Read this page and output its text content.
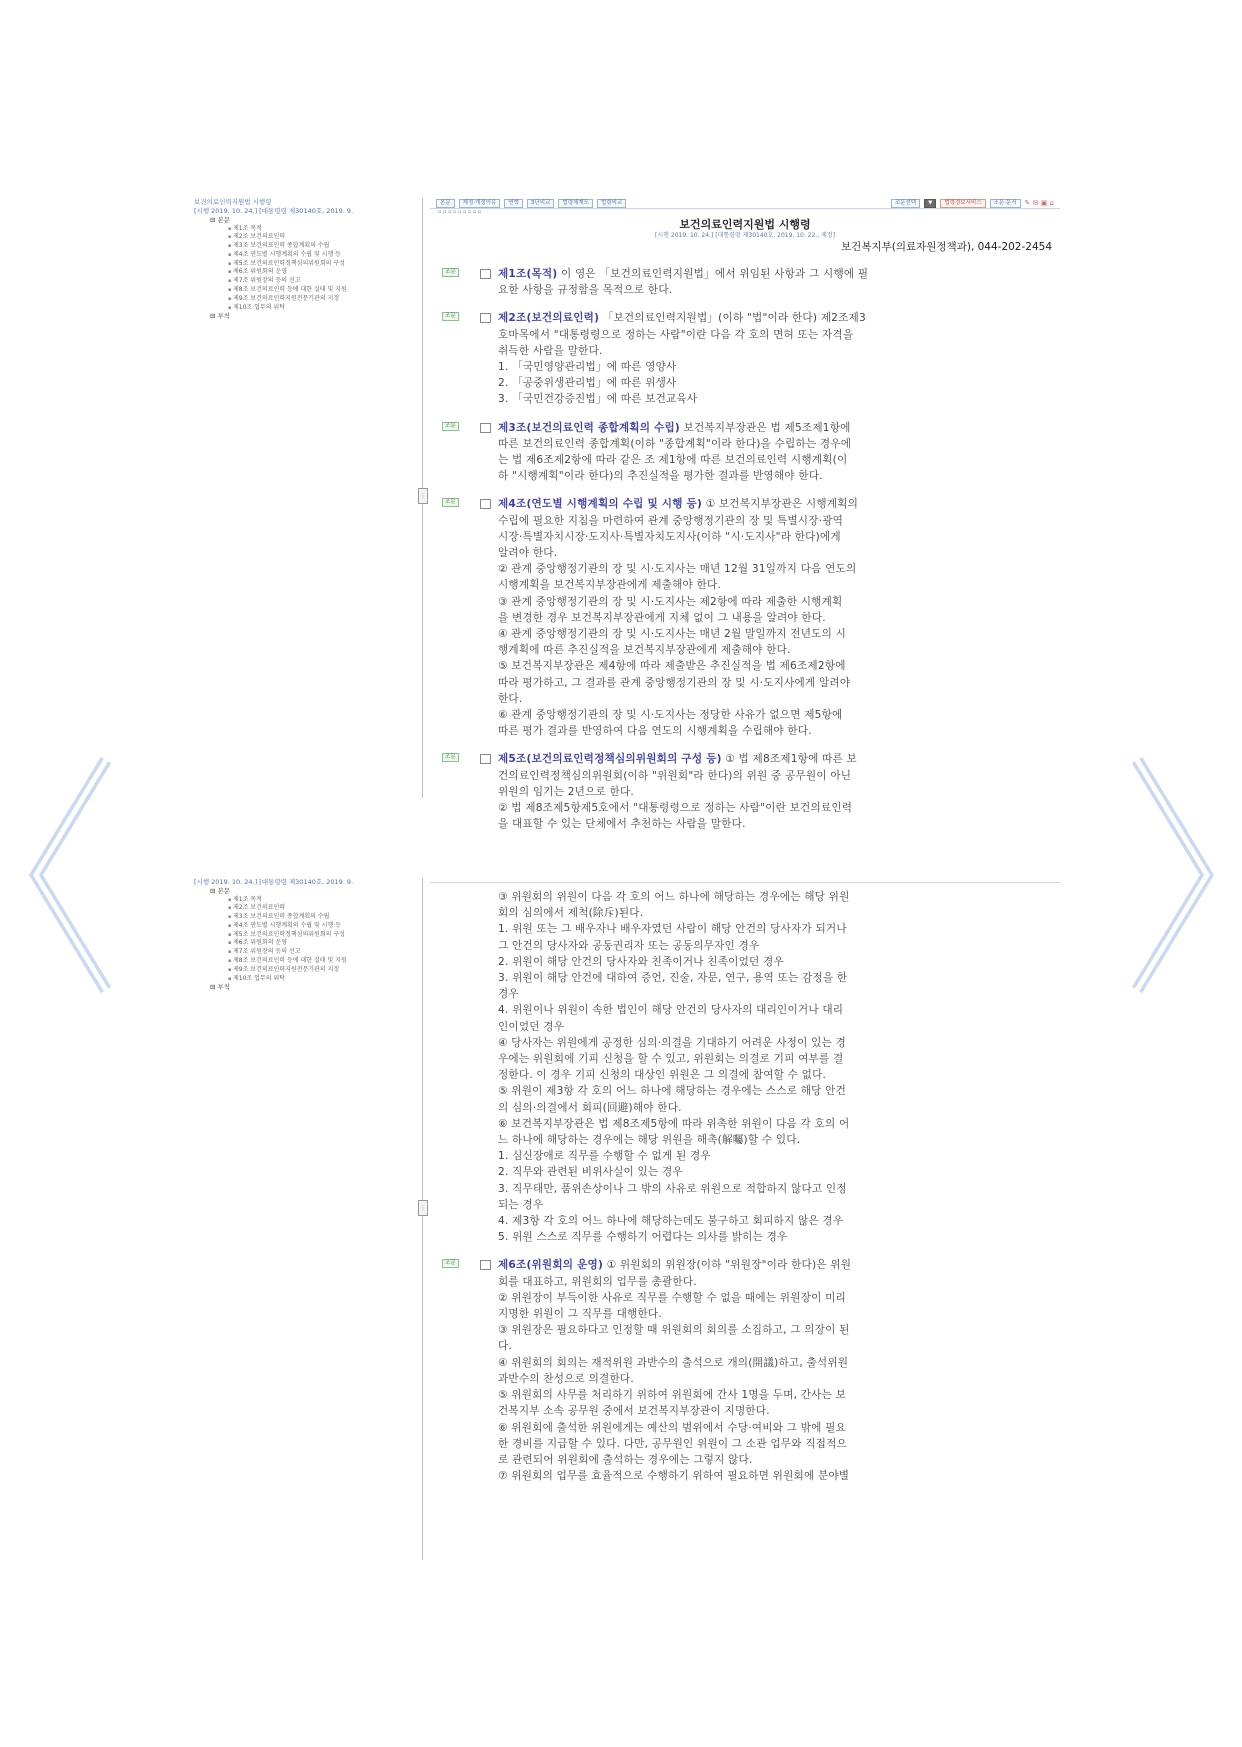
보건의료인력지원법 시행령
[시행 2019. 10. 24.] [대통령령 제30140호, 2019. 9.
⊟ 본문
▪ 제1조 목적
▪ 제2조 보건의료인력
▪ 제3조 보건의료인력 종합계획의 수립
▪ 제4조 연도별 시행계획의 수립 및 시행 등
▪ 제5조 보건의료인력정책심의위원회의 구성
▪ 제6조 위원회의 운영
▪ 제7조 위원장의 등의 선고
▪ 제8조 보건의료인력 등에 대한 실태 및 지원
▪ 제9조 보건의료인력지원전문기관의 지정
▪ 제10조 업무의 위탁
⊟ 부칙
⋮
본문	제정·개정이유	연혁	3단비교	법령체계도	법령비교	조문선택	▼	법령정보서비스	조문·문서	✎ ✉ ▣ ⌂
▫ ▫ ▫ ▫ ▫ ▫ ▫ ▫ ▫
보건의료인력지원법 시행령
[시행 2019. 10. 24.] [대통령령 제30140호, 2019. 10. 22., 제정]
보건복지부(의료자원정책과), 044-202-2454
조문	제1조(목적) 이 영은 「보건의료인력지원법」에서 위임된 사항과 그 시행에 필
요한 사항을 규정함을 목적으로 한다.
조문	제2조(보건의료인력) 「보건의료인력지원법」(이하 "법"이라 한다) 제2조제3
호마목에서 "대통령령으로 정하는 사람"이란 다음 각 호의 면허 또는 자격을
취득한 사람을 말한다.
1. 「국민영양관리법」에 따른 영양사
2. 「공중위생관리법」에 따른 위생사
3. 「국민건강증진법」에 따른 보건교육사
조문	제3조(보건의료인력 종합계획의 수립) 보건복지부장관은 법 제5조제1항에
따른 보건의료인력 종합계획(이하 "종합계획"이라 한다)을 수립하는 경우에
는 법 제6조제2항에 따라 같은 조 제1항에 따른 보건의료인력 시행계획(이
하 "시행계획"이라 한다)의 추진실적을 평가한 결과를 반영해야 한다.
조문	제4조(연도별 시행계획의 수립 및 시행 등) ① 보건복지부장관은 시행계획의
수립에 필요한 지침을 마련하여 관계 중앙행정기관의 장 및 특별시장·광역
시장·특별자치시장·도지사·특별자치도지사(이하 "시·도지사"라 한다)에게
알려야 한다.
② 관계 중앙행정기관의 장 및 시·도지사는 매년 12월 31일까지 다음 연도의
시행계획을 보건복지부장관에게 제출해야 한다.
③ 관계 중앙행정기관의 장 및 시·도지사는 제2항에 따라 제출한 시행계획
을 변경한 경우 보건복지부장관에게 지체 없이 그 내용을 알려야 한다.
④ 관계 중앙행정기관의 장 및 시·도지사는 매년 2월 말일까지 전년도의 시
행계획에 따른 추진실적을 보건복지부장관에게 제출해야 한다.
⑤ 보건복지부장관은 제4항에 따라 제출받은 추진실적을 법 제6조제2항에
따라 평가하고, 그 결과를 관계 중앙행정기관의 장 및 시·도지사에게 알려야
한다.
⑥ 관계 중앙행정기관의 장 및 시·도지사는 정당한 사유가 없으면 제5항에
따른 평가 결과를 반영하여 다음 연도의 시행계획을 수립해야 한다.
조문	제5조(보건의료인력정책심의위원회의 구성 등) ① 법 제8조제1항에 따른 보
건의료인력정책심의위원회(이하 "위원회"라 한다)의 위원 중 공무원이 아닌
위원의 임기는 2년으로 한다.
② 법 제8조제5항제5호에서 "대통령령으로 정하는 사람"이란 보건의료인력
을 대표할 수 있는 단체에서 추천하는 사람을 말한다.
[시행 2019. 10. 24.] [대통령령 제30140호, 2019. 9.
⊟ 본문
▪ 제1조 목적
▪ 제2조 보건의료인력
▪ 제3조 보건의료인력 종합계획의 수립
▪ 제4조 연도별 시행계획의 수립 및 시행 등
▪ 제5조 보건의료인력정책심의위원회의 구성
▪ 제6조 위원회의 운영
▪ 제7조 위원장의 등의 선고
▪ 제8조 보건의료인력 등에 대한 실태 및 지원
▪ 제9조 보건의료인력지원전문기관의 지정
▪ 제10조 업무의 위탁
⊟ 부칙
⋮
③ 위원회의 위원이 다음 각 호의 어느 하나에 해당하는 경우에는 해당 위원
회의 심의에서 제척(除斥)된다.
1. 위원 또는 그 배우자나 배우자였던 사람이 해당 안건의 당사자가 되거나
그 안건의 당사자와 공동권리자 또는 공동의무자인 경우
2. 위원이 해당 안건의 당사자와 친족이거나 친족이었던 경우
3. 위원이 해당 안건에 대하여 증언, 진술, 자문, 연구, 용역 또는 감정을 한
경우
4. 위원이나 위원이 속한 법인이 해당 안건의 당사자의 대리인이거나 대리
인이었던 경우
④ 당사자는 위원에게 공정한 심의·의결을 기대하기 어려운 사정이 있는 경
우에는 위원회에 기피 신청을 할 수 있고, 위원회는 의결로 기피 여부를 결
정한다. 이 경우 기피 신청의 대상인 위원은 그 의결에 참여할 수 없다.
⑤ 위원이 제3항 각 호의 어느 하나에 해당하는 경우에는 스스로 해당 안건
의 심의·의결에서 회피(回避)해야 한다.
⑥ 보건복지부장관은 법 제8조제5항에 따라 위촉한 위원이 다음 각 호의 어
느 하나에 해당하는 경우에는 해당 위원을 해촉(解囑)할 수 있다.
1. 심신장애로 직무를 수행할 수 없게 된 경우
2. 직무와 관련된 비위사실이 있는 경우
3. 직무태만, 품위손상이나 그 밖의 사유로 위원으로 적합하지 않다고 인정
되는 경우
4. 제3항 각 호의 어느 하나에 해당하는데도 불구하고 회피하지 않은 경우
5. 위원 스스로 직무를 수행하기 어렵다는 의사를 밝히는 경우
조문	제6조(위원회의 운영) ① 위원회의 위원장(이하 "위원장"이라 한다)은 위원
회를 대표하고, 위원회의 업무를 총괄한다.
② 위원장이 부득이한 사유로 직무를 수행할 수 없을 때에는 위원장이 미리
지명한 위원이 그 직무를 대행한다.
③ 위원장은 필요하다고 인정할 때 위원회의 회의를 소집하고, 그 의장이 된
다.
④ 위원회의 회의는 재적위원 과반수의 출석으로 개의(開議)하고, 출석위원
과반수의 찬성으로 의결한다.
⑤ 위원회의 사무를 처리하기 위하여 위원회에 간사 1명을 두며, 간사는 보
건복지부 소속 공무원 중에서 보건복지부장관이 지명한다.
⑥ 위원회에 출석한 위원에게는 예산의 범위에서 수당·여비와 그 밖에 필요
한 경비를 지급할 수 있다. 다만, 공무원인 위원이 그 소관 업무와 직접적으
로 관련되어 위원회에 출석하는 경우에는 그렇지 않다.
⑦ 위원회의 업무를 효율적으로 수행하기 위하여 필요하면 위원회에 분야별
